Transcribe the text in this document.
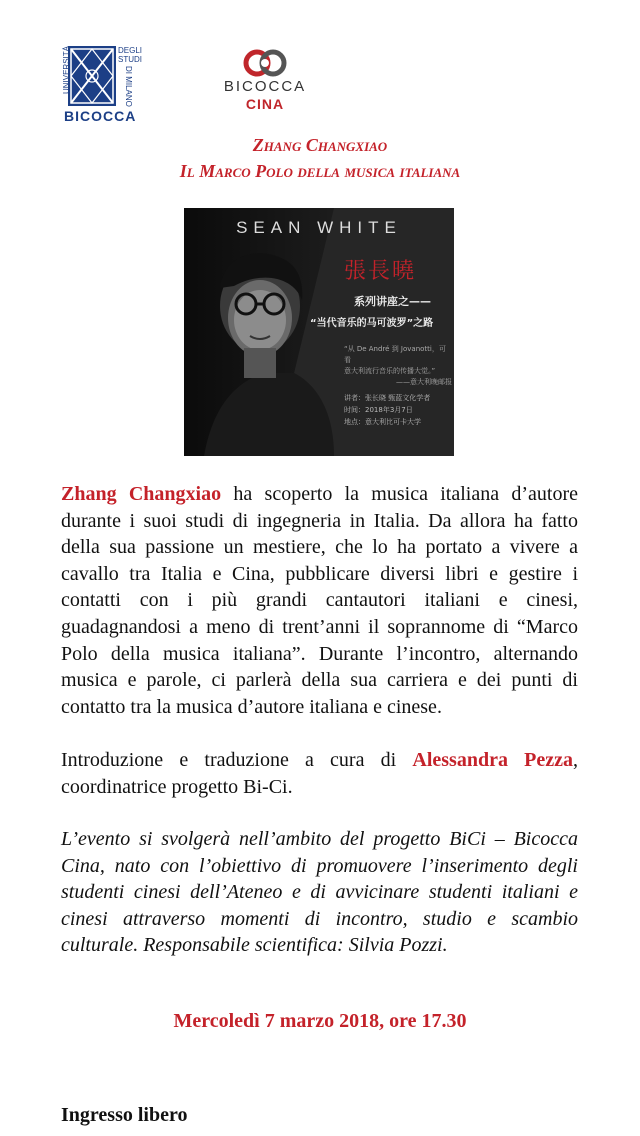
UNIVERSITÀ	DEGLI STUDI
DI MILANO
BICOCCA
BICOCCA
CINA
Zhang Changxiao
Il Marco Polo della musica italiana
SEAN WHITE
張長曉
系列讲座之——
“当代音乐的马可波罗”之路
“从 De André 到 Jovanotti，可看
意大利流行音乐的传播大觉。”
——意大利晚邮报
讲者：张长晓 甄蓝文化学者
时间：2018年3月7日
地点：意大利比可卡大学
Zhang Changxiao ha scoperto la musica italiana d’autore durante i suoi studi di ingegneria in Italia. Da allora ha fatto della sua passione un mestiere, che lo ha portato a vivere a cavallo tra Italia e Cina, pubblicare diversi libri e gestire i contatti con i più grandi cantautori italiani e cinesi, guadagnandosi a meno di trent’anni il soprannome di “Marco Polo della musica italiana”. Durante l’incontro, alternando musica e parole, ci parlerà della sua carriera e dei punti di contatto tra la musica d’autore italiana e cinese.
Introduzione e traduzione a cura di Alessandra Pezza, coordinatrice progetto Bi-Ci.
L’evento si svolgerà nell’ambito del progetto BiCi – Bicocca Cina, nato con l’obiettivo di promuovere l’inserimento degli studenti cinesi dell’Ateneo e di avvicinare studenti italiani e cinesi attraverso momenti di incontro, studio e scambio culturale. Responsabile scientifica: Silvia Pozzi.
Mercoledì 7 marzo 2018, ore 17.30
Ingresso libero
